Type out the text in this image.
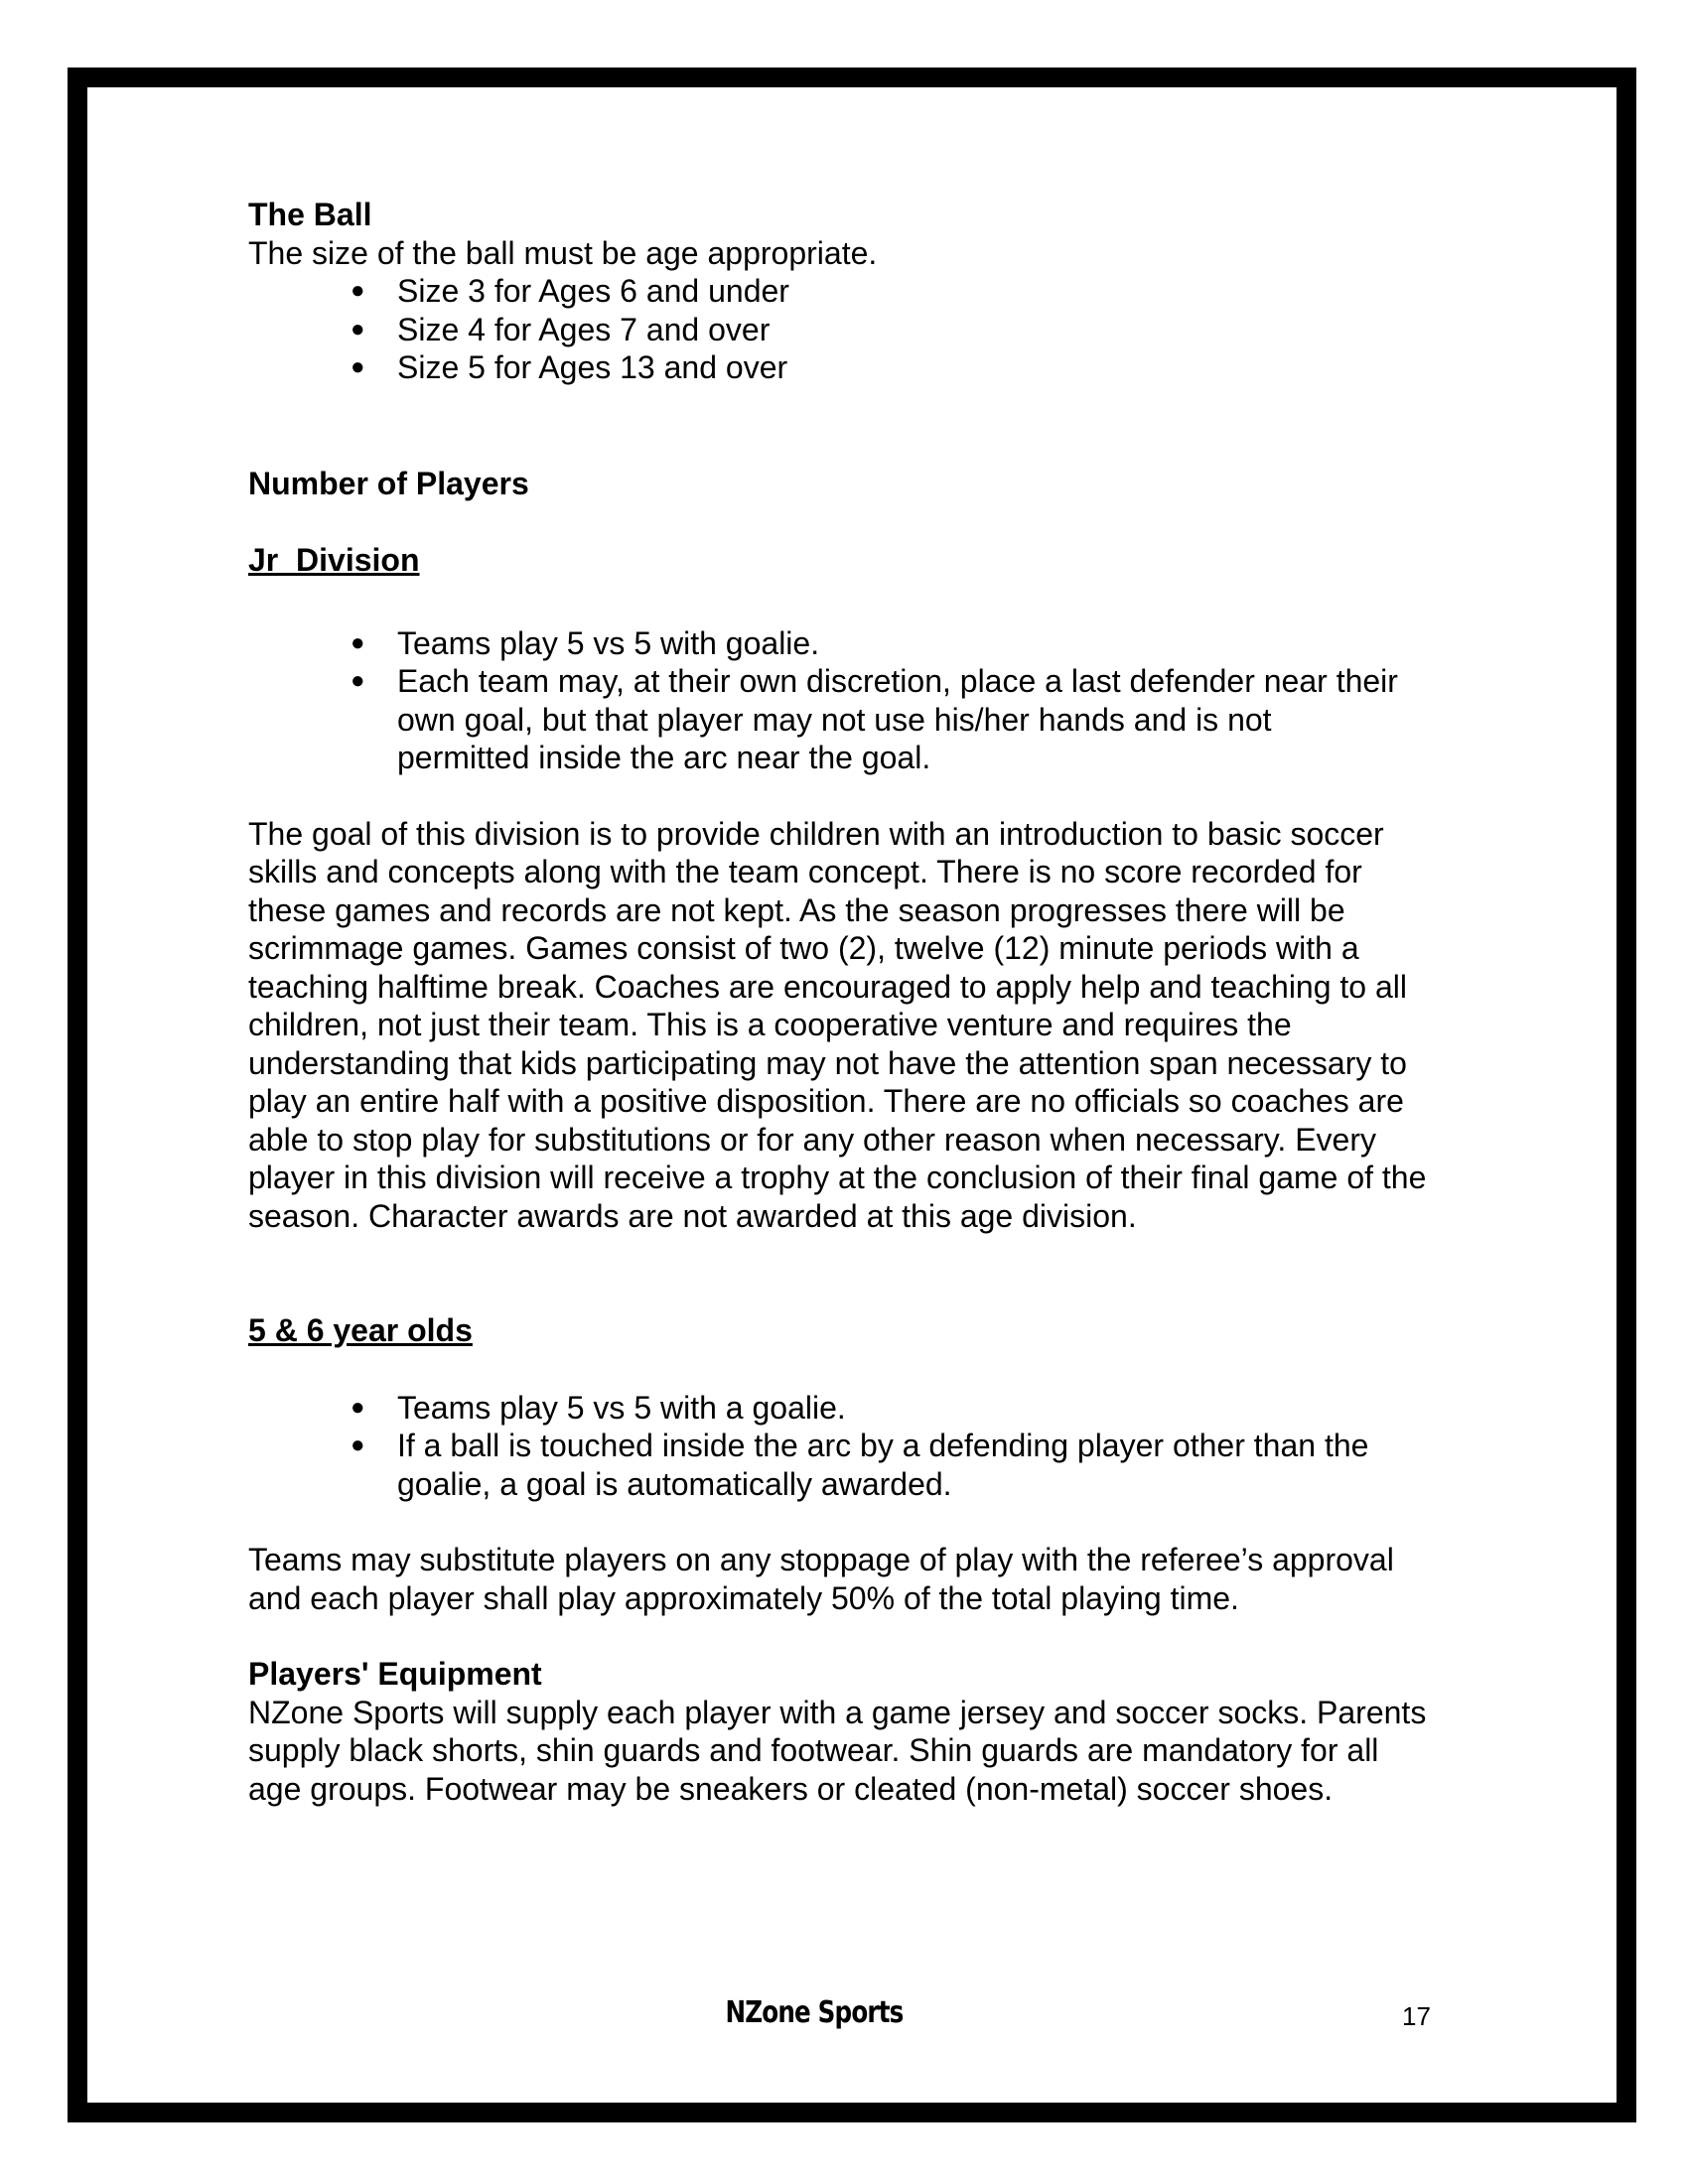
The Ball

The size of the ball must be age appropriate.

● Size 3 for Ages 6 and under
● Size 4 for Ages 7 and over
● Size 5 for Ages 13 and over

Number of Players

Jr  Division

● Teams play 5 vs 5 with goalie.
● Each team may, at their own discretion, place a last defender near their own goal, but that player may not use his/her hands and is not permitted inside the arc near the goal.

The goal of this division is to provide children with an introduction to basic soccer skills and concepts along with the team concept. There is no score recorded for these games and records are not kept. As the season progresses there will be scrimmage games. Games consist of two (2), twelve (12) minute periods with a teaching halftime break. Coaches are encouraged to apply help and teaching to all children, not just their team. This is a cooperative venture and requires the understanding that kids participating may not have the attention span necessary to play an entire half with a positive disposition. There are no officials so coaches are able to stop play for substitutions or for any other reason when necessary. Every player in this division will receive a trophy at the conclusion of their final game of the season. Character awards are not awarded at this age division.

5 & 6 year olds

● Teams play 5 vs 5 with a goalie.
● If a ball is touched inside the arc by a defending player other than the goalie, a goal is automatically awarded.

Teams may substitute players on any stoppage of play with the referee’s approval and each player shall play approximately 50% of the total playing time.

Players' Equipment

NZone Sports will supply each player with a game jersey and soccer socks. Parents supply black shorts, shin guards and footwear. Shin guards are mandatory for all age groups. Footwear may be sneakers or cleated (non-metal) soccer shoes.

NZone Sports	17
